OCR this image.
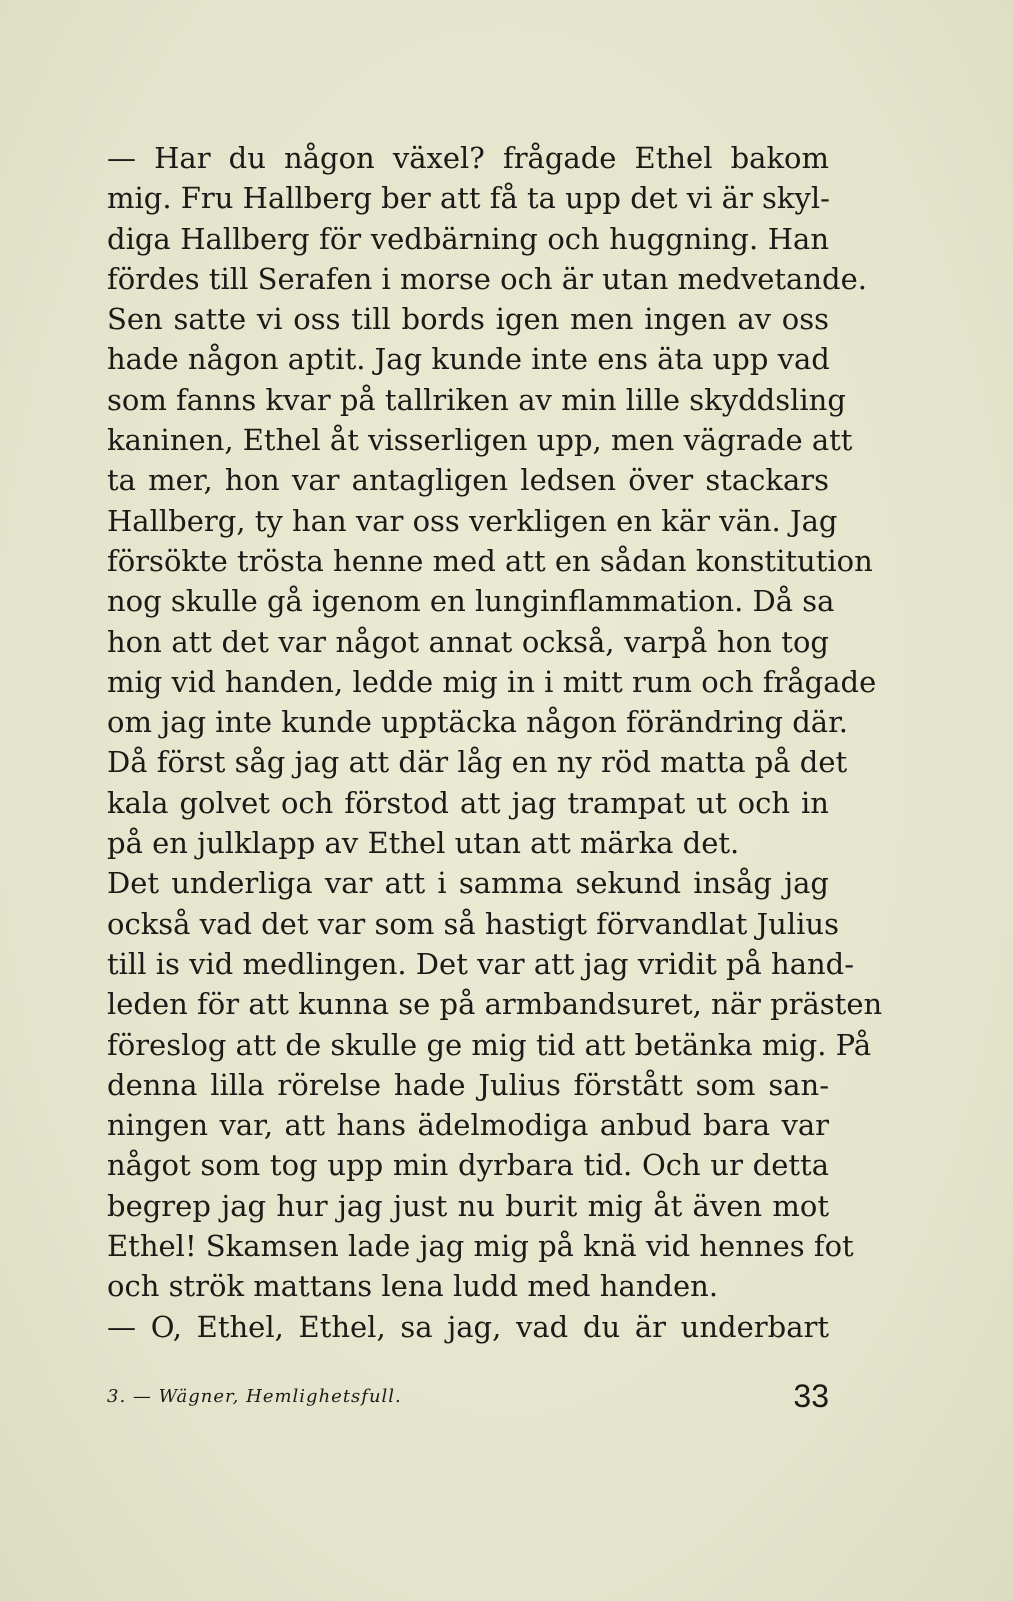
— Har du någon växel? frågade Ethel bakom
mig. Fru Hallberg ber att få ta upp det vi är skyl-
diga Hallberg för vedbärning och huggning. Han
fördes till Serafen i morse och är utan medvetande.
Sen satte vi oss till bords igen men ingen av oss
hade någon aptit. Jag kunde inte ens äta upp vad
som fanns kvar på tallriken av min lille skyddsling
kaninen, Ethel åt visserligen upp, men vägrade att
ta mer, hon var antagligen ledsen över stackars
Hallberg, ty han var oss verkligen en kär vän. Jag
försökte trösta henne med att en sådan konstitution
nog skulle gå igenom en lunginflammation. Då sa
hon att det var något annat också, varpå hon tog
mig vid handen, ledde mig in i mitt rum och frågade
om jag inte kunde upptäcka någon förändring där.
Då först såg jag att där låg en ny röd matta på det
kala golvet och förstod att jag trampat ut och in
på en julklapp av Ethel utan att märka det.
Det underliga var att i samma sekund insåg jag
också vad det var som så hastigt förvandlat Julius
till is vid medlingen. Det var att jag vridit på hand-
leden för att kunna se på armbandsuret, när prästen
föreslog att de skulle ge mig tid att betänka mig. På
denna lilla rörelse hade Julius förstått som san-
ningen var, att hans ädelmodiga anbud bara var
något som tog upp min dyrbara tid. Och ur detta
begrep jag hur jag just nu burit mig åt även mot
Ethel! Skamsen lade jag mig på knä vid hennes fot
och strök mattans lena ludd med handen.
— O, Ethel, Ethel, sa jag, vad du är underbart
3. — Wägner, Hemlighetsfull.	33
